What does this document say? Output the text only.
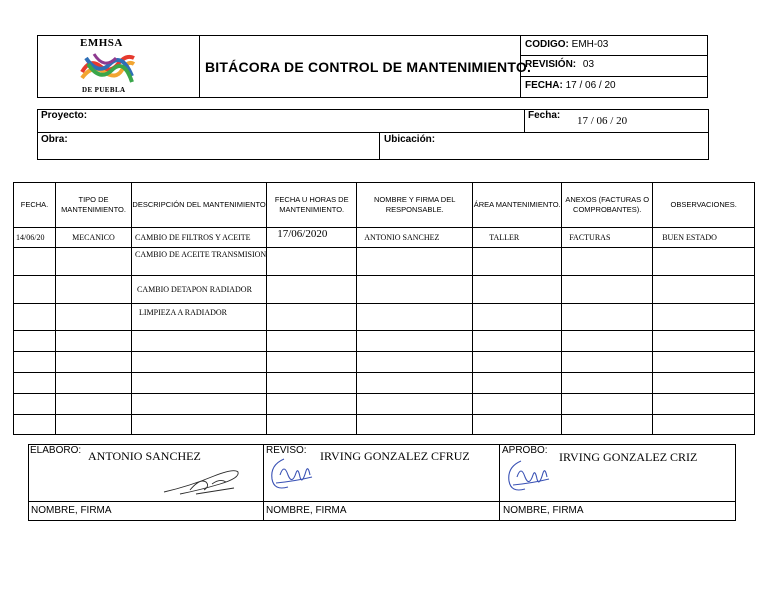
EMHSA
DE PUEBLA
BITÁCORA DE CONTROL DE MANTENIMIENTO.
CODIGO: EMH-03
REVISIÓN: 03
FECHA: 17 / 06 / 20
Proyecto:	Fecha: 17 / 06 / 20
Obra:	Ubicación:
FECHA.	TIPO DE MANTENIMIENTO.	DESCRIPCIÓN DEL MANTENIMIENTO	FECHA U HORAS DE MANTENIMIENTO.	NOMBRE Y FIRMA DEL RESPONSABLE.	ÁREA MANTENIMIENTO.	ANEXOS (FACTURAS O COMPROBANTES).	OBSERVACIONES.
14/06/20	MECANICO	CAMBIO DE FILTROS Y ACEITE	17/06/2020	ANTONIO SANCHEZ	TALLER	FACTURAS	BUEN ESTADO
		CAMBIO DE ACEITE TRANSMISION					
		CAMBIO DETAPON RADIADOR					
		LIMPIEZA A RADIADOR					

ELABORO: ANTONIO SANCHEZ
NOMBRE, FIRMA
REVISO: IRVING GONZALEZ CFRUZ
NOMBRE, FIRMA
APROBO: IRVING GONZALEZ CRIZ
NOMBRE, FIRMA
